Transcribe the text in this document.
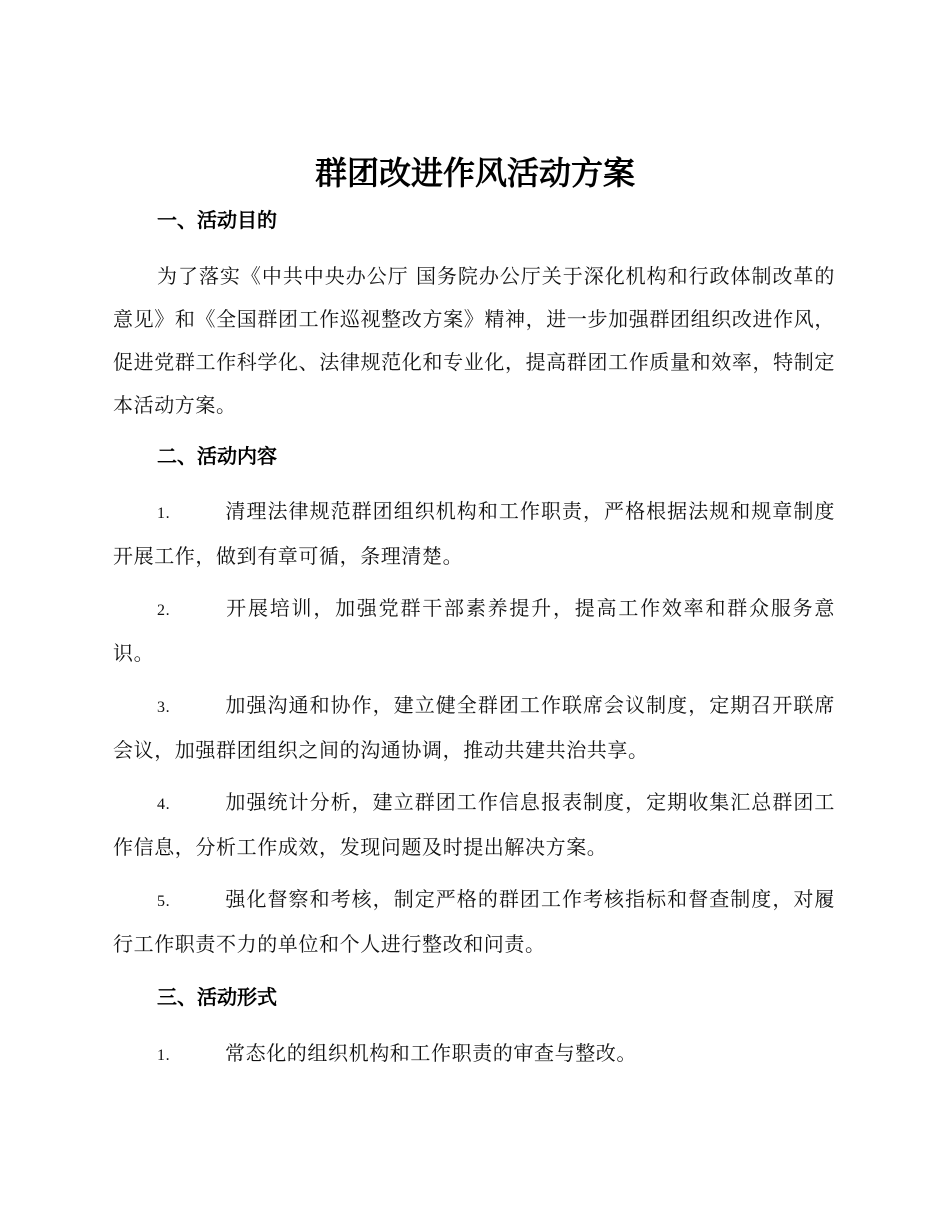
群团改进作风活动方案
一、活动目的
为了落实《中共中央办公厅 国务院办公厅关于深化机构和行政体制改革的意见》和《全国群团工作巡视整改方案》精神，进一步加强群团组织改进作风，促进党群工作科学化、法律规范化和专业化，提高群团工作质量和效率，特制定本活动方案。
二、活动内容
1.	清理法律规范群团组织机构和工作职责，严格根据法规和规章制度开展工作，做到有章可循，条理清楚。
2.	开展培训，加强党群干部素养提升，提高工作效率和群众服务意识。
3.	加强沟通和协作，建立健全群团工作联席会议制度，定期召开联席会议，加强群团组织之间的沟通协调，推动共建共治共享。
4.	加强统计分析，建立群团工作信息报表制度，定期收集汇总群团工作信息，分析工作成效，发现问题及时提出解决方案。
5.	强化督察和考核，制定严格的群团工作考核指标和督查制度，对履行工作职责不力的单位和个人进行整改和问责。
三、活动形式
1.	常态化的组织机构和工作职责的审查与整改。
